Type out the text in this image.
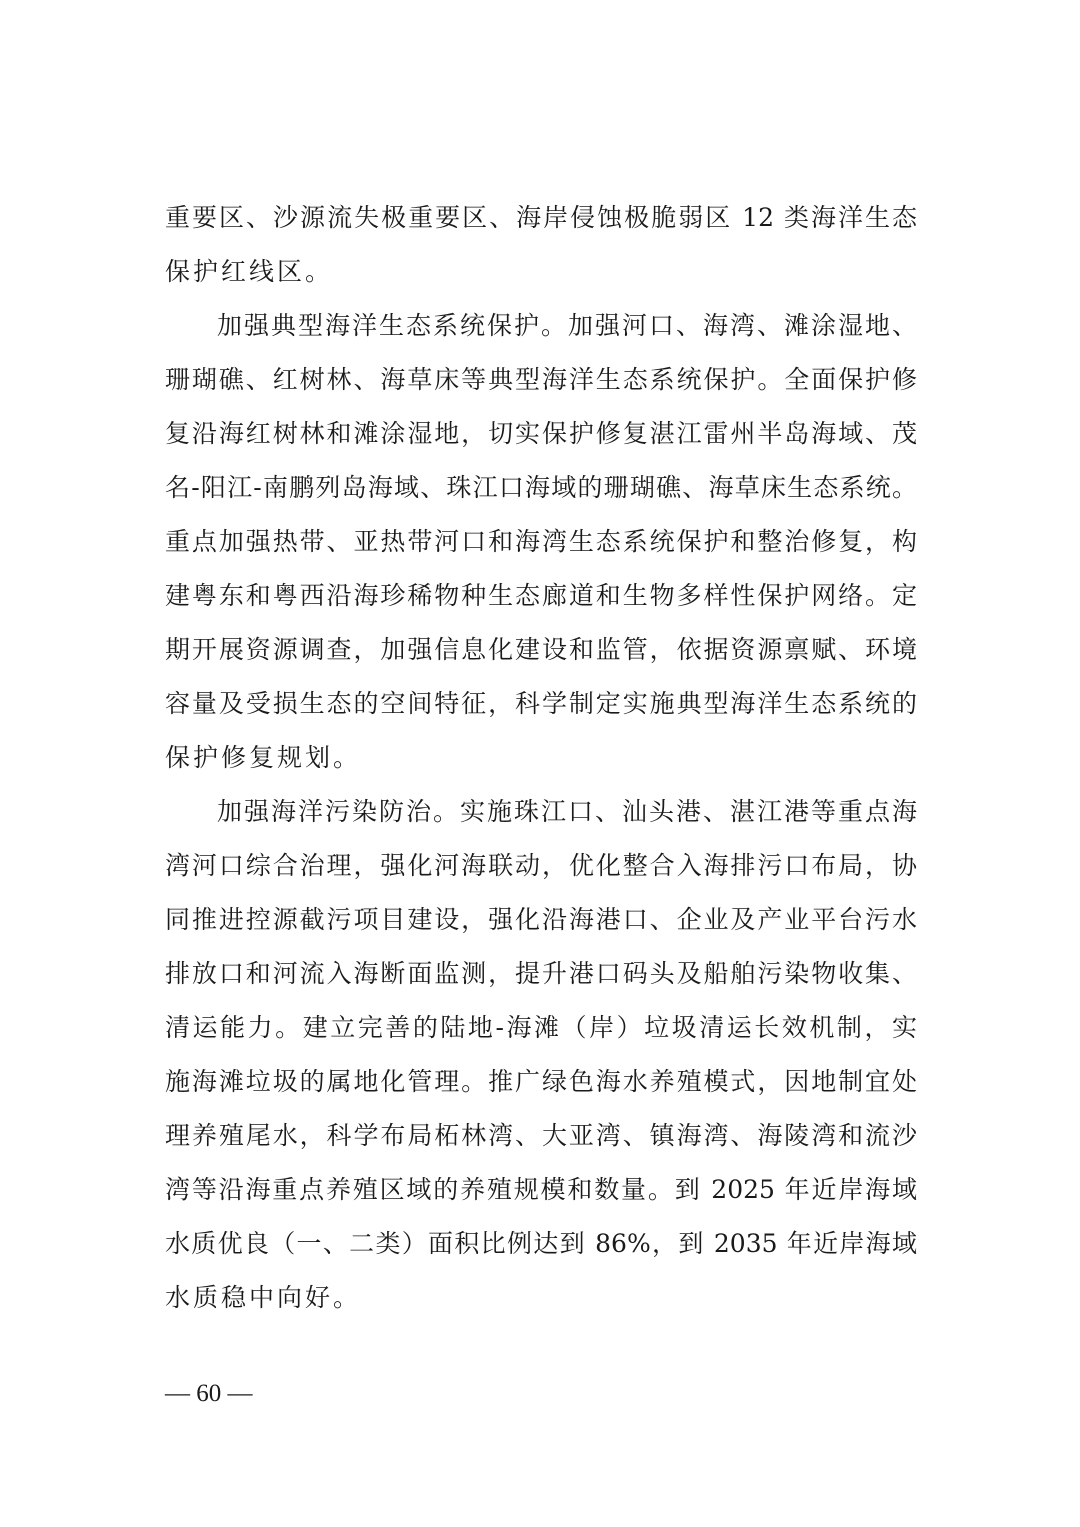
重要区、沙源流失极重要区、海岸侵蚀极脆弱区 12 类海洋生态
保护红线区。
加强典型海洋生态系统保护。加强河口、海湾、滩涂湿地、
珊瑚礁、红树林、海草床等典型海洋生态系统保护。全面保护修
复沿海红树林和滩涂湿地，切实保护修复湛江雷州半岛海域、茂
名-阳江-南鹏列岛海域、珠江口海域的珊瑚礁、海草床生态系统。
重点加强热带、亚热带河口和海湾生态系统保护和整治修复，构
建粤东和粤西沿海珍稀物种生态廊道和生物多样性保护网络。定
期开展资源调查，加强信息化建设和监管，依据资源禀赋、环境
容量及受损生态的空间特征，科学制定实施典型海洋生态系统的
保护修复规划。
加强海洋污染防治。实施珠江口、汕头港、湛江港等重点海
湾河口综合治理，强化河海联动，优化整合入海排污口布局，协
同推进控源截污项目建设，强化沿海港口、企业及产业平台污水
排放口和河流入海断面监测，提升港口码头及船舶污染物收集、
清运能力。建立完善的陆地-海滩（岸）垃圾清运长效机制，实
施海滩垃圾的属地化管理。推广绿色海水养殖模式，因地制宜处
理养殖尾水，科学布局柘林湾、大亚湾、镇海湾、海陵湾和流沙
湾等沿海重点养殖区域的养殖规模和数量。到 2025 年近岸海域
水质优良（一、二类）面积比例达到 86%，到 2035 年近岸海域
水质稳中向好。
— 60 —
